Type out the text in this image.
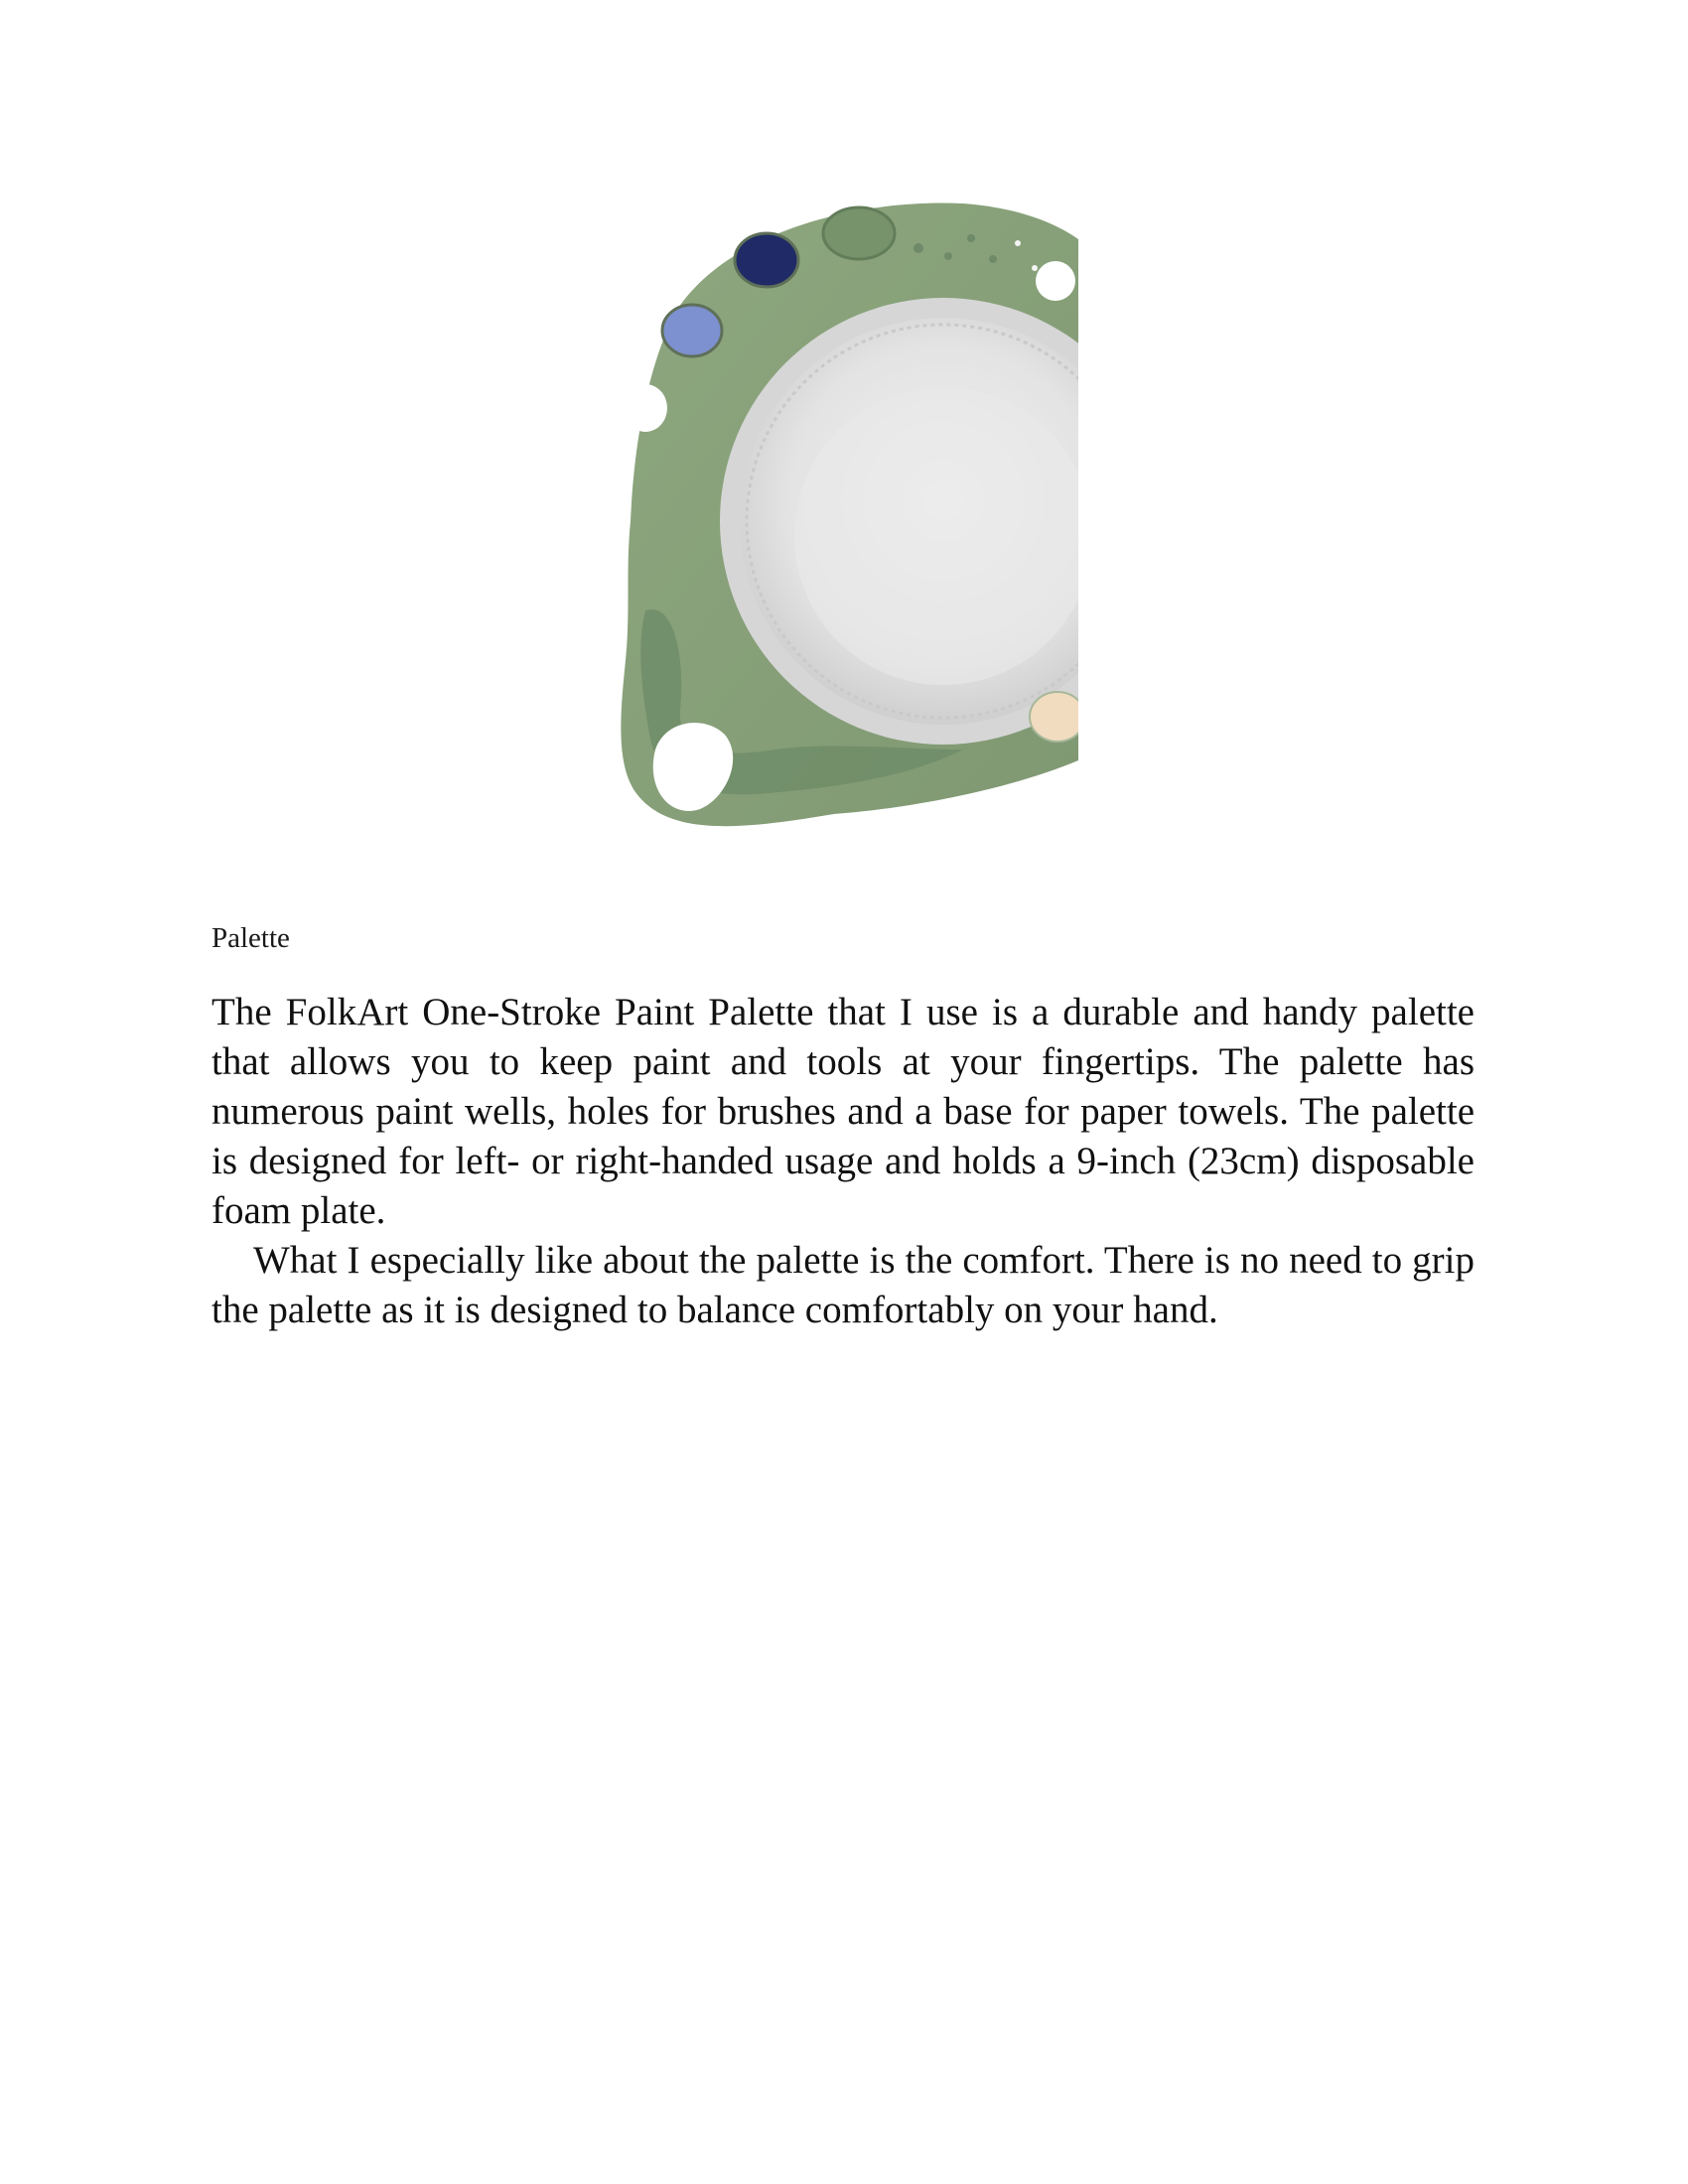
Palette

The FolkArt One-Stroke Paint Palette that I use is a durable and handy palette that allows you to keep paint and tools at your fingertips. The palette has numerous paint wells, holes for brushes and a base for paper towels. The palette is designed for left- or right-handed usage and holds a 9-inch (23cm) disposable foam plate.

What I especially like about the palette is the comfort. There is no need to grip the palette as it is designed to balance comfortably on your hand.
